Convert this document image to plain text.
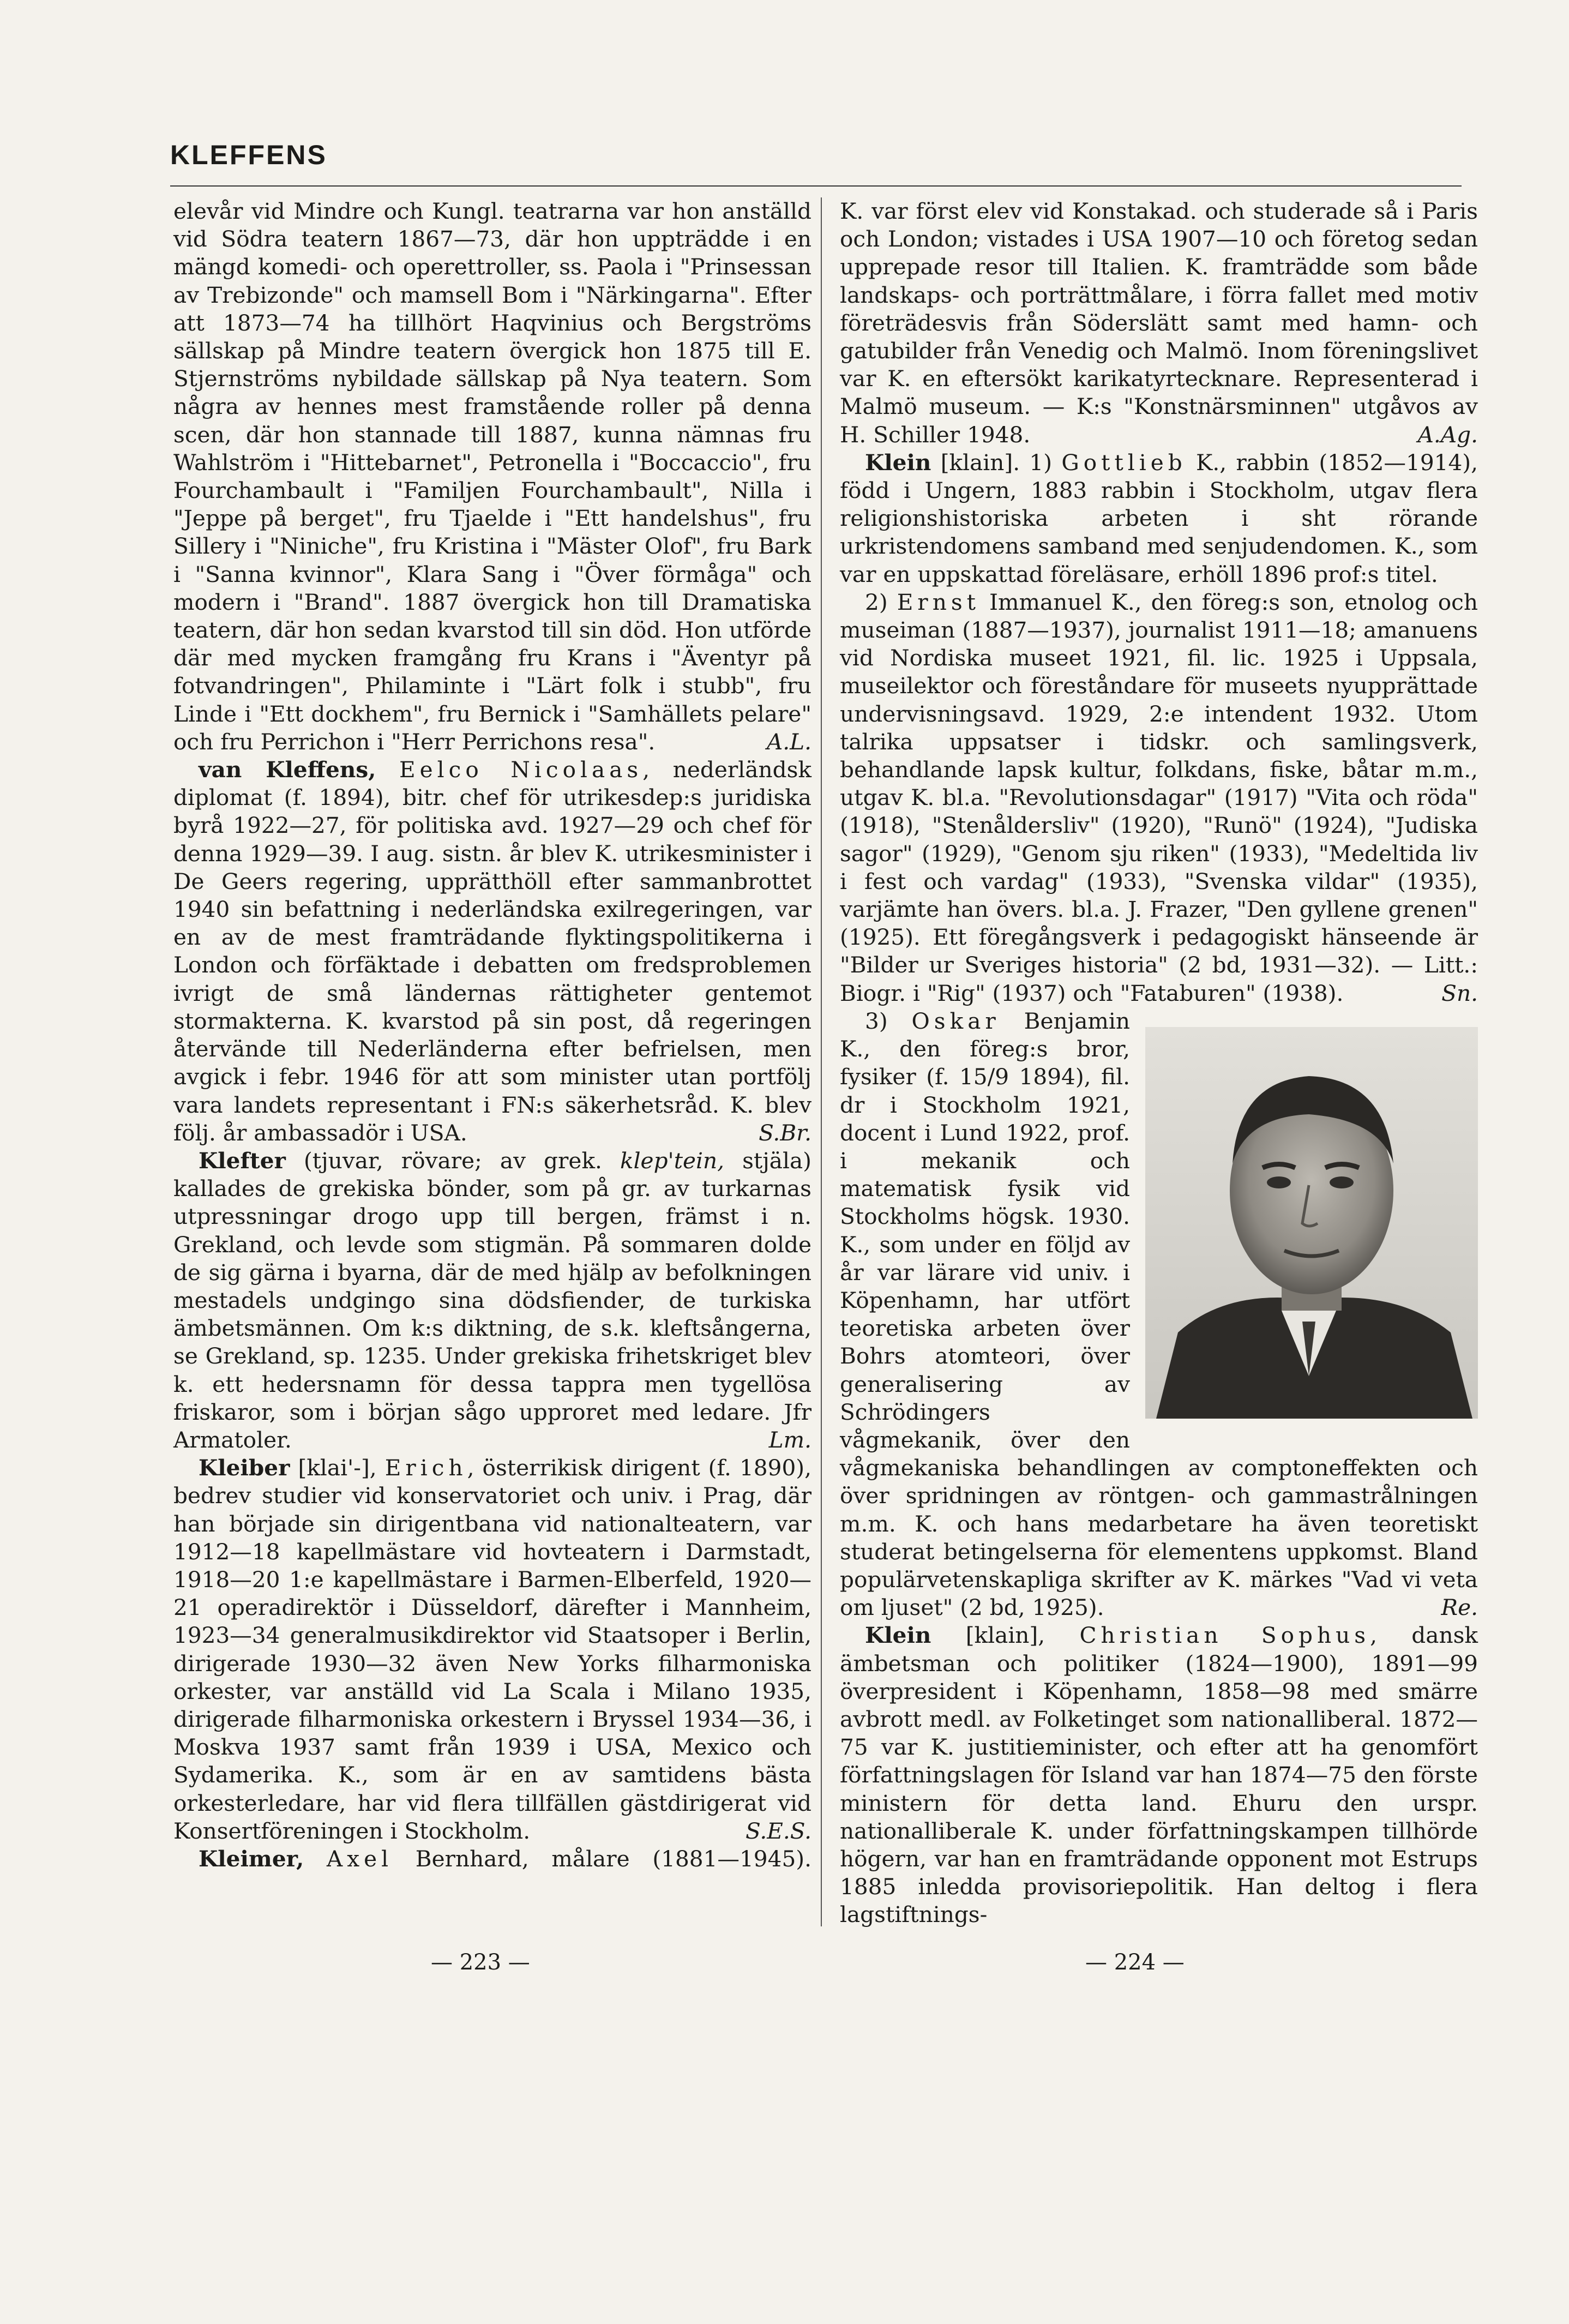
KLEFFENS

elevår vid Mindre och Kungl. teatrarna var hon anställd vid Södra teatern 1867—73, där hon uppträdde i en mängd komedi- och operettroller, ss. Paola i "Prinsessan av Trebizonde" och mamsell Bom i "Närkingarna". Efter att 1873—74 ha tillhört Haqvinius och Bergströms sällskap på Mindre teatern övergick hon 1875 till E. Stjernströms nybildade sällskap på Nya teatern. Som några av hennes mest framstående roller på denna scen, där hon stannade till 1887, kunna nämnas fru Wahlström i "Hittebarnet", Petronella i "Boccaccio", fru Fourchambault i "Familjen Fourchambault", Nilla i "Jeppe på berget", fru Tjaelde i "Ett handelshus", fru Sillery i "Niniche", fru Kristina i "Mäster Olof", fru Bark i "Sanna kvinnor", Klara Sang i "Över förmåga" och modern i "Brand". 1887 övergick hon till Dramatiska teatern, där hon sedan kvarstod till sin död. Hon utförde där med mycken framgång fru Krans i "Äventyr på fotvandringen", Philaminte i "Lärt folk i stubb", fru Linde i "Ett dockhem", fru Bernick i "Samhällets pelare" och fru Perrichon i "Herr Perrichons resa".	A.L.

van Kleffens, Eelco Nicolaas, nederländsk diplomat (f. 1894), bitr. chef för utrikesdep:s juridiska byrå 1922—27, för politiska avd. 1927—29 och chef för denna 1929—39. I aug. sistn. år blev K. utrikesminister i De Geers regering, upprätthöll efter sammanbrottet 1940 sin befattning i nederländska exilregeringen, var en av de mest framträdande flyktingspolitikerna i London och förfäktade i debatten om fredsproblemen ivrigt de små ländernas rättigheter gentemot stormakterna. K. kvarstod på sin post, då regeringen återvände till Nederländerna efter befrielsen, men avgick i febr. 1946 för att som minister utan portfölj vara landets representant i FN:s säkerhetsråd. K. blev följ. år ambassadör i USA.	S.Br.

Klefter (tjuvar, rövare; av grek. klep'tein, stjäla) kallades de grekiska bönder, som på gr. av turkarnas utpressningar drogo upp till bergen, främst i n. Grekland, och levde som stigmän. På sommaren dolde de sig gärna i byarna, där de med hjälp av befolkningen mestadels undgingo sina dödsfiender, de turkiska ämbetsmännen. Om k:s diktning, de s.k. kleftsångerna, se Grekland, sp. 1235. Under grekiska frihetskriget blev k. ett hedersnamn för dessa tappra men tygellösa friskaror, som i början sågo upproret med ledare. Jfr Armatoler.	Lm.

Kleiber [klai'-], Erich, österrikisk dirigent (f. 1890), bedrev studier vid konservatoriet och univ. i Prag, där han började sin dirigentbana vid nationalteatern, var 1912—18 kapellmästare vid hovteatern i Darmstadt, 1918—20 1:e kapellmästare i Barmen-Elberfeld, 1920—21 operadirektör i Düsseldorf, därefter i Mannheim, 1923—34 generalmusikdirektor vid Staatsoper i Berlin, dirigerade 1930—32 även New Yorks filharmoniska orkester, var anställd vid La Scala i Milano 1935, dirigerade filharmoniska orkestern i Bryssel 1934—36, i Moskva 1937 samt från 1939 i USA, Mexico och Sydamerika. K., som är en av samtidens bästa orkesterledare, har vid flera tillfällen gästdirigerat vid Konsertföreningen i Stockholm.	S.E.S.

Kleimer, Axel Bernhard, målare (1881—1945).

K. var först elev vid Konstakad. och studerade så i Paris och London; vistades i USA 1907—10 och företog sedan upprepade resor till Italien. K. framträdde som både landskaps- och porträttmålare, i förra fallet med motiv företrädesvis från Söderslätt samt med hamn- och gatubilder från Venedig och Malmö. Inom föreningslivet var K. en eftersökt karikatyrtecknare. Representerad i Malmö museum. — K:s "Konstnärsminnen" utgåvos av H. Schiller 1948.	A.Ag.

Klein [klain]. 1) Gottlieb K., rabbin (1852—1914), född i Ungern, 1883 rabbin i Stockholm, utgav flera religionshistoriska arbeten i sht rörande urkristendomens samband med senjudendomen. K., som var en uppskattad föreläsare, erhöll 1896 prof:s titel.

2) Ernst Immanuel K., den föreg:s son, etnolog och museiman (1887—1937), journalist 1911—18; amanuens vid Nordiska museet 1921, fil. lic. 1925 i Uppsala, museilektor och föreståndare för museets nyupprättade undervisningsavd. 1929, 2:e intendent 1932. Utom talrika uppsatser i tidskr. och samlingsverk, behandlande lapsk kultur, folkdans, fiske, båtar m.m., utgav K. bl.a. "Revolutionsdagar" (1917) "Vita och röda" (1918), "Stenåldersliv" (1920), "Runö" (1924), "Judiska sagor" (1929), "Genom sju riken" (1933), "Medeltida liv i fest och vardag" (1933), "Svenska vildar" (1935), varjämte han övers. bl.a. J. Frazer, "Den gyllene grenen" (1925). Ett föregångsverk i pedagogiskt hänseende är "Bilder ur Sveriges historia" (2 bd, 1931—32). — Litt.: Biogr. i "Rig" (1937) och "Fataburen" (1938).	Sn.

3) Oskar Benjamin K., den föreg:s bror, fysiker (f. 15/9 1894), fil. dr i Stockholm 1921, docent i Lund 1922, prof. i mekanik och matematisk fysik vid Stockholms högsk. 1930. K., som under en följd av år var lärare vid univ. i Köpenhamn, har utfört teoretiska arbeten över Bohrs atomteori, över generalisering av Schrödingers vågmekanik, över den vågmekaniska behandlingen av comptoneffekten och över spridningen av röntgen- och gammastrålningen m.m. K. och hans medarbetare ha även teoretiskt studerat betingelserna för elementens uppkomst. Bland populärvetenskapliga skrifter av K. märkes "Vad vi veta om ljuset" (2 bd, 1925).	Re.

Klein [klain], Christian Sophus, dansk ämbetsman och politiker (1824—1900), 1891—99 överpresident i Köpenhamn, 1858—98 med smärre avbrott medl. av Folketinget som nationalliberal. 1872—75 var K. justitieminister, och efter att ha genomfört författningslagen för Island var han 1874—75 den förste ministern för detta land. Ehuru den urspr. nationalliberale K. under författningskampen tillhörde högern, var han en framträdande opponent mot Estrups 1885 inledda provisoriepolitik. Han deltog i flera lagstiftnings-

— 223 —	— 224 —
